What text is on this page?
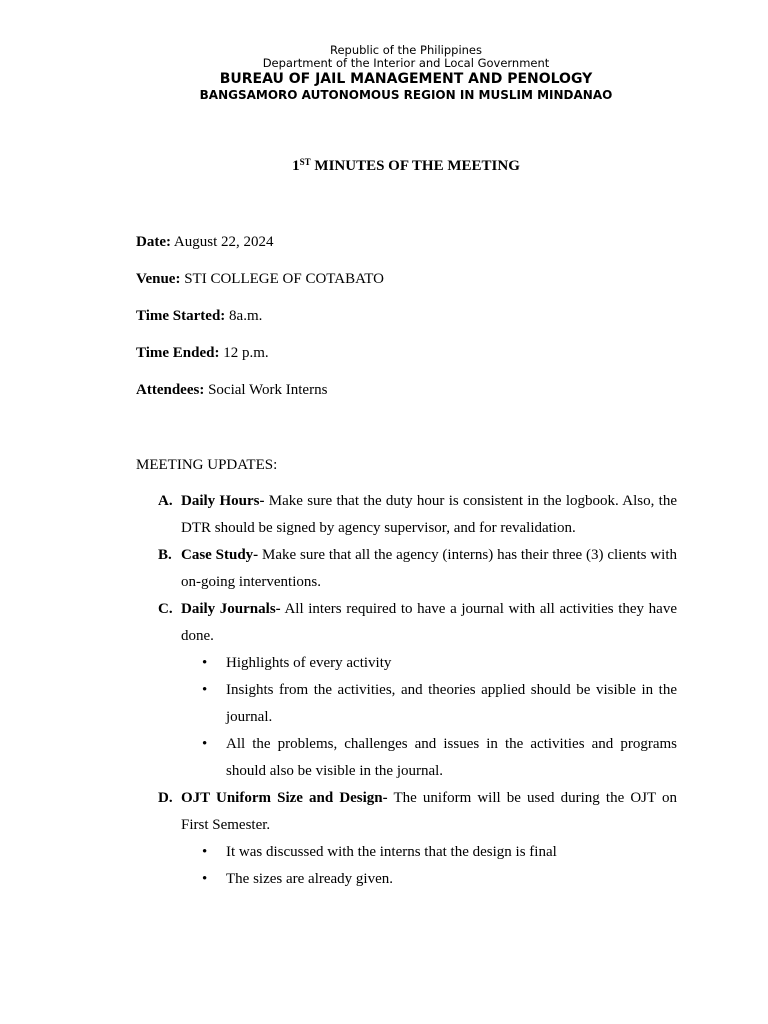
Republic of the Philippines
Department of the Interior and Local Government
BUREAU OF JAIL MANAGEMENT AND PENOLOGY
BANGSAMORO AUTONOMOUS REGION IN MUSLIM MINDANAO
1ST MINUTES OF THE MEETING
Date: August 22, 2024
Venue: STI COLLEGE OF COTABATO
Time Started: 8a.m.
Time Ended: 12 p.m.
Attendees: Social Work Interns
MEETING UPDATES:
A. Daily Hours- Make sure that the duty hour is consistent in the logbook. Also, the DTR should be signed by agency supervisor, and for revalidation.
B. Case Study- Make sure that all the agency (interns) has their three (3) clients with on-going interventions.
C. Daily Journals- All inters required to have a journal with all activities they have done.
• Highlights of every activity
• Insights from the activities, and theories applied should be visible in the journal.
• All the problems, challenges and issues in the activities and programs should also be visible in the journal.
D. OJT Uniform Size and Design- The uniform will be used during the OJT on First Semester.
• It was discussed with the interns that the design is final
• The sizes are already given.
